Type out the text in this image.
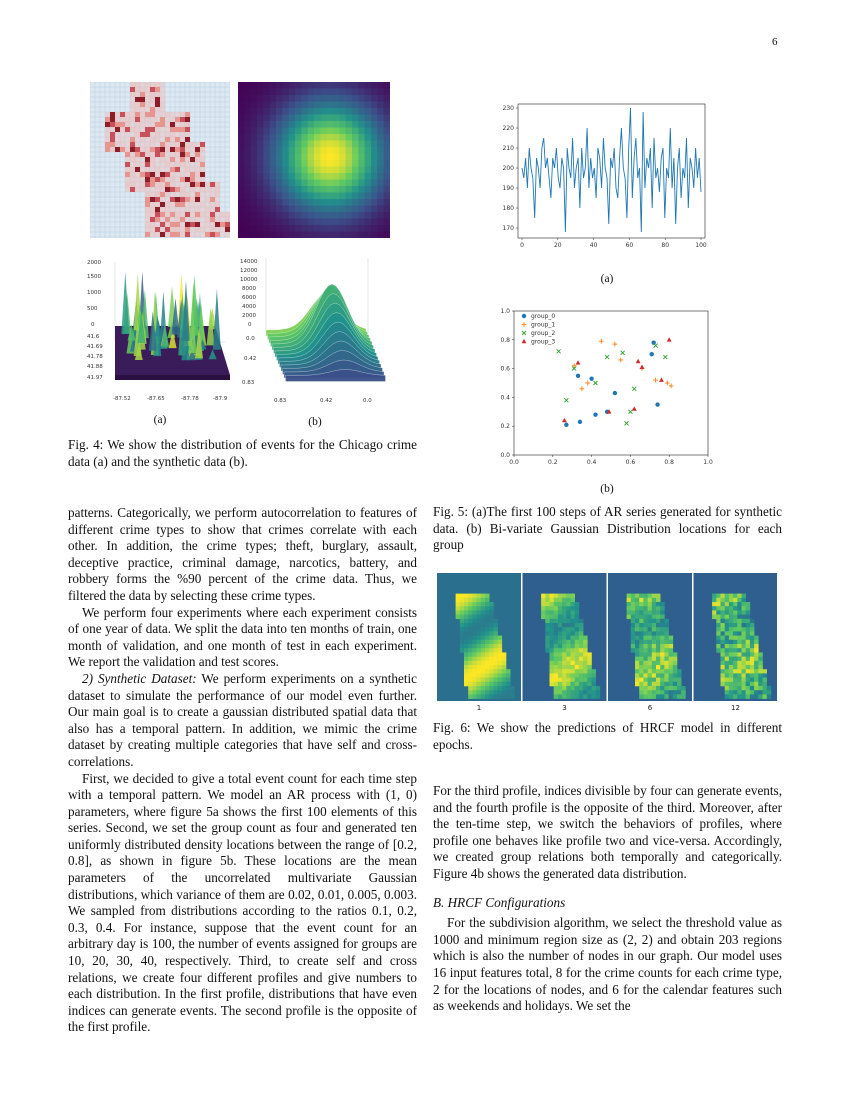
6
2000
1500
1000
500
0
41.6
41.69
41.78
41.88
41.97
-87.52	-87.65	-87.78	-87.9
14000
12000
10000
8000
6000
4000
2000
0
0.0
0.42
0.83
0.83	0.42	0.0
(a)	(b)
Fig. 4: We show the distribution of events for the Chicago crime data (a) and the synthetic data (b).
230
220
210
200
190
180
170
0	20	40	60	80	100
(a)
1.0
0.8
0.6
0.4
0.2
0.0
0.0	0.2	0.4	0.6	0.8	1.0
group_0
group_1
group_2
group_3
(b)
Fig. 5: (a)The first 100 steps of AR series generated for synthetic data. (b) Bi-variate Gaussian Distribution locations for each group
1	3	6	12
Fig. 6: We show the predictions of HRCF model in different epochs.

patterns. Categorically, we perform autocorrelation to features of different crime types to show that crimes correlate with each other. In addition, the crime types; theft, burglary, assault, deceptive practice, criminal damage, narcotics, battery, and robbery forms the %90 percent of the crime data. Thus, we filtered the data by selecting these crime types.

We perform four experiments where each experiment consists of one year of data. We split the data into ten months of train, one month of validation, and one month of test in each experiment. We report the validation and test scores.

2) Synthetic Dataset: We perform experiments on a synthetic dataset to simulate the performance of our model even further. Our main goal is to create a gaussian distributed spatial data that also has a temporal pattern. In addition, we mimic the crime dataset by creating multiple categories that have self and cross-correlations.

First, we decided to give a total event count for each time step with a temporal pattern. We model an AR process with (1, 0) parameters, where figure 5a shows the first 100 elements of this series. Second, we set the group count as four and generated ten uniformly distributed density locations between the range of [0.2, 0.8], as shown in figure 5b. These locations are the mean parameters of the uncorrelated multivariate Gaussian distributions, which variance of them are 0.02, 0.01, 0.005, 0.003. We sampled from distributions according to the ratios 0.1, 0.2, 0.3, 0.4. For instance, suppose that the event count for an arbitrary day is 100, the number of events assigned for groups are 10, 20, 30, 40, respectively. Third, to create self and cross relations, we create four different profiles and give numbers to each distribution. In the first profile, distributions that have even indices can generate events. The second profile is the opposite of the first profile.

For the third profile, indices divisible by four can generate events, and the fourth profile is the opposite of the third. Moreover, after the ten-time step, we switch the behaviors of profiles, where profile one behaves like profile two and vice-versa. Accordingly, we created group relations both temporally and categorically. Figure 4b shows the generated data distribution.

B. HRCF Configurations

For the subdivision algorithm, we select the threshold value as 1000 and minimum region size as (2, 2) and obtain 203 regions which is also the number of nodes in our graph. Our model uses 16 input features total, 8 for the crime counts for each crime type, 2 for the locations of nodes, and 6 for the calendar features such as weekends and holidays. We set the
